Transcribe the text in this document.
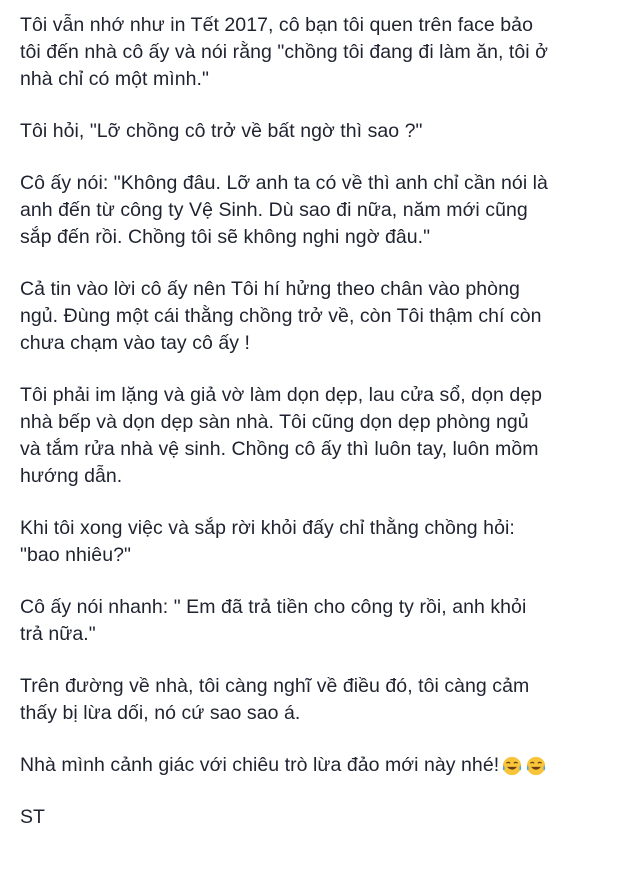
Tôi vẫn nhớ như in Tết 2017, cô bạn tôi quen trên face bảo
tôi đến nhà cô ấy và nói rằng "chồng tôi đang đi làm ăn, tôi ở
nhà chỉ có một mình."
Tôi hỏi, "Lỡ chồng cô trở về bất ngờ thì sao ?"
Cô ấy nói: "Không đâu. Lỡ anh ta có về thì anh chỉ cần nói là
anh đến từ công ty Vệ Sinh. Dù sao đi nữa, năm mới cũng
sắp đến rồi. Chồng tôi sẽ không nghi ngờ đâu."
Cả tin vào lời cô ấy nên Tôi hí hửng theo chân vào phòng
ngủ. Đùng một cái thằng chồng trở về, còn Tôi thậm chí còn
chưa chạm vào tay cô ấy !
Tôi phải im lặng và giả vờ làm dọn dẹp, lau cửa sổ, dọn dẹp
nhà bếp và dọn dẹp sàn nhà. Tôi cũng dọn dẹp phòng ngủ
và tắm rửa nhà vệ sinh. Chồng cô ấy thì luôn tay, luôn mồm
hướng dẫn.
Khi tôi xong việc và sắp rời khỏi đấy chỉ thằng chồng hỏi:
"bao nhiêu?"
Cô ấy nói nhanh: " Em đã trả tiền cho công ty rồi, anh khỏi
trả nữa."
Trên đường về nhà, tôi càng nghĩ về điều đó, tôi càng cảm
thấy bị lừa dối, nó cứ sao sao á.
Nhà mình cảnh giác với chiêu trò lừa đảo mới này nhé!

ST
